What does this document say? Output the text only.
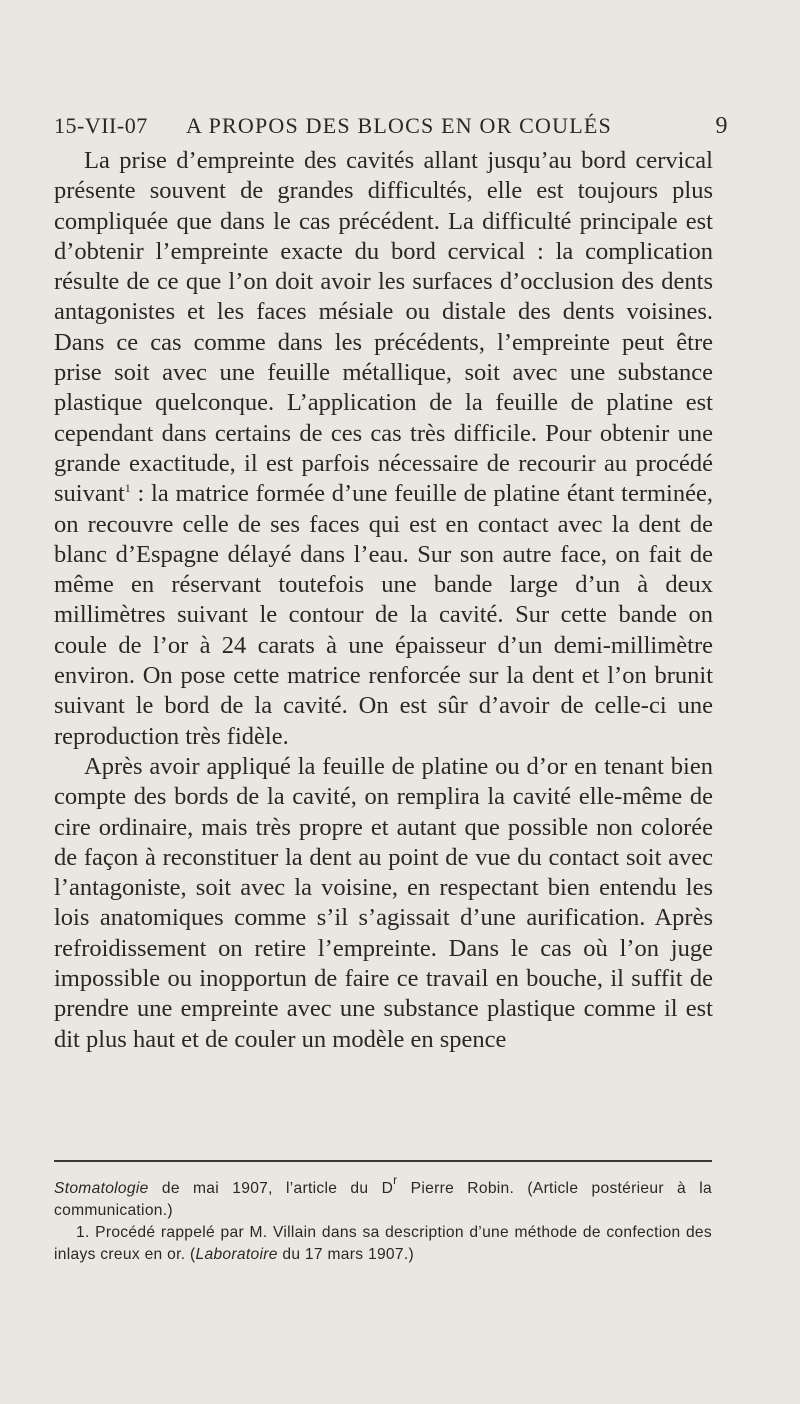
15-VII-07 A PROPOS DES BLOCS EN OR COULÉS	9

La prise d’empreinte des cavités allant jusqu’au bord cervical présente souvent de grandes difficultés, elle est toujours plus compliquée que dans le cas précédent. La difficulté principale est d’obtenir l’empreinte exacte du bord cervical : la complication résulte de ce que l’on doit avoir les surfaces d’occlusion des dents antagonistes et les faces mésiale ou distale des dents voisines. Dans ce cas comme dans les précédents, l’empreinte peut être prise soit avec une feuille métallique, soit avec une substance plastique quelconque. L’application de la feuille de platine est cependant dans certains de ces cas très difficile. Pour obtenir une grande exactitude, il est parfois nécessaire de recourir au procédé suivant$^1$ : la matrice formée d’une feuille de platine étant terminée, on recouvre celle de ses faces qui est en contact avec la dent de blanc d’Espagne délayé dans l’eau. Sur son autre face, on fait de même en réservant toutefois une bande large d’un à deux millimètres suivant le contour de la cavité. Sur cette bande on coule de l’or à 24 carats à une épaisseur d’un demi-millimètre environ. On pose cette matrice renforcée sur la dent et l’on brunit suivant le bord de la cavité. On est sûr d’avoir de celle-ci une reproduction très fidèle.

Après avoir appliqué la feuille de platine ou d’or en tenant bien compte des bords de la cavité, on remplira la cavité elle-même de cire ordinaire, mais très propre et autant que possible non colorée de façon à reconstituer la dent au point de vue du contact soit avec l’antagoniste, soit avec la voisine, en respectant bien entendu les lois anatomiques comme s’il s’agissait d’une aurification. Après refroidissement on retire l’empreinte. Dans le cas où l’on juge impossible ou inopportun de faire ce travail en bouche, il suffit de prendre une empreinte avec une substance plastique comme il est dit plus haut et de couler un modèle en spence

Stomatologie de mai 1907, l’article du $D^r$ Pierre Robin. (Article postérieur à la communication.)

1. Procédé rappelé par M. Villain dans sa description d’une méthode de confection des inlays creux en or. (Laboratoire du 17 mars 1907.)
